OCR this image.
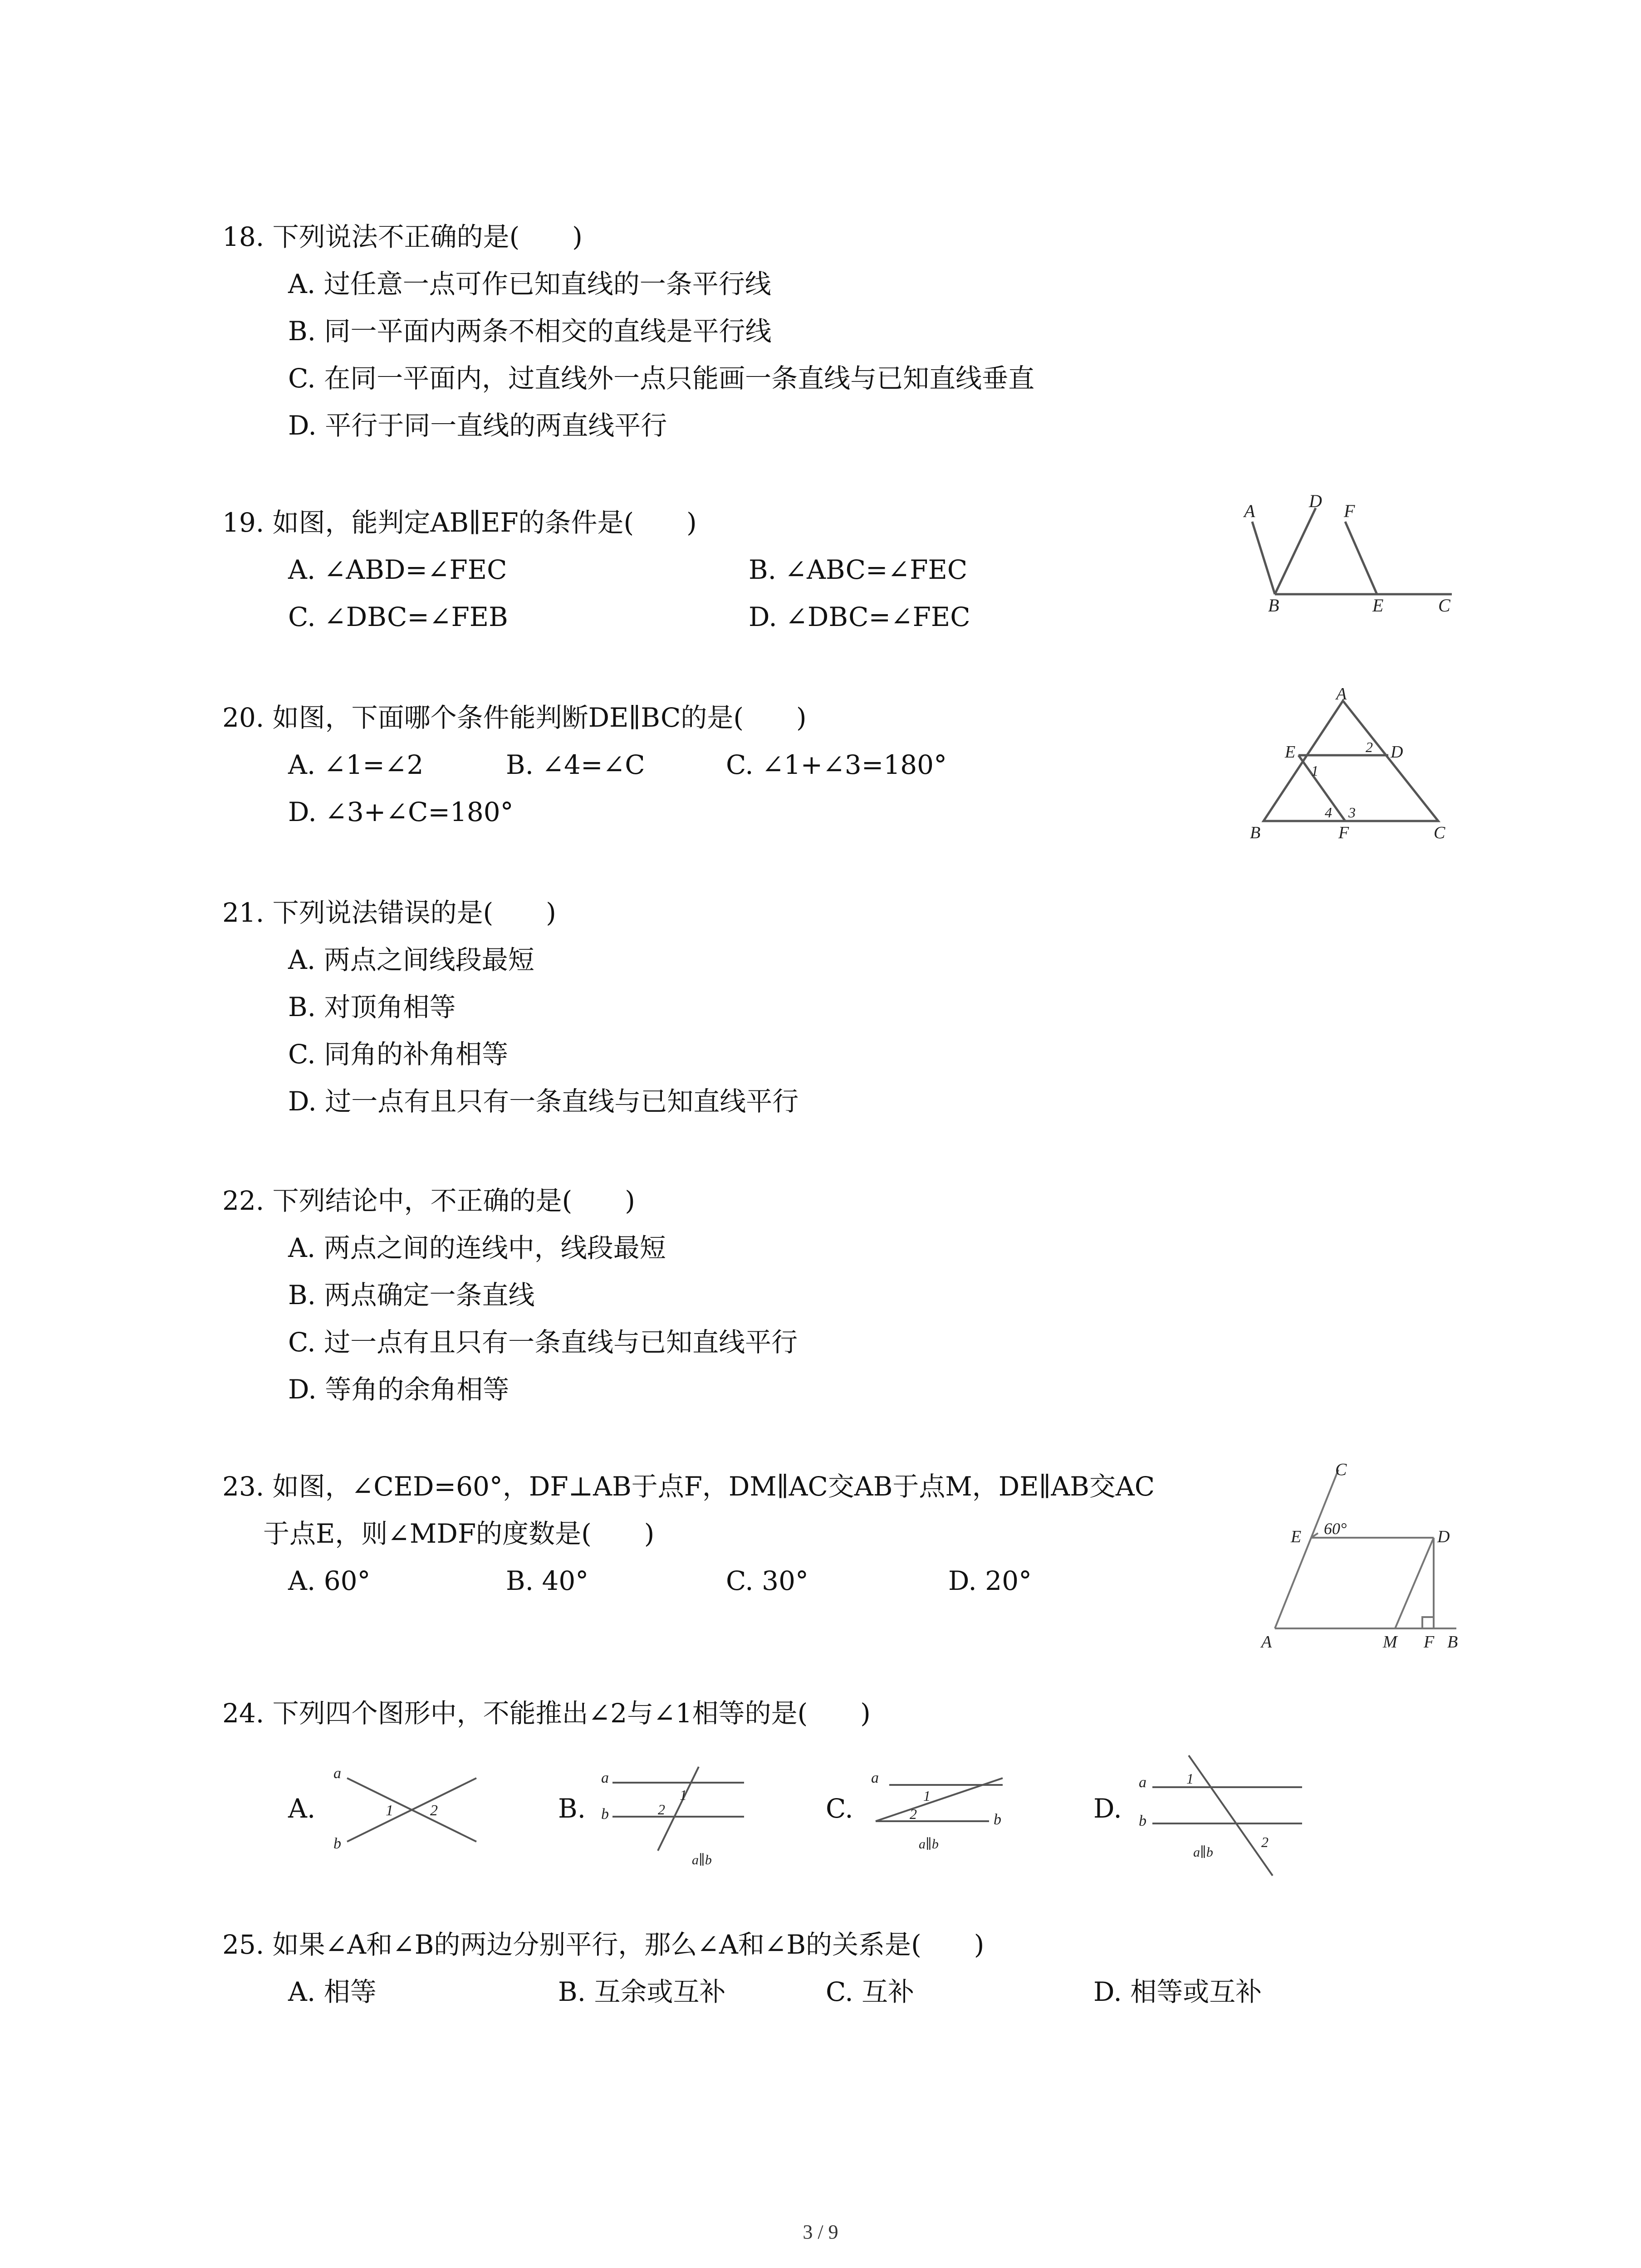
18. 下列说法不正确的是(　　)
A. 过任意一点可作已知直线的一条平行线
B. 同一平面内两条不相交的直线是平行线
C. 在同一平面内，过直线外一点只能画一条直线与已知直线垂直
D. 平行于同一直线的两直线平行
19. 如图，能判定AB∥EF的条件是(　　)
A. ∠ABD=∠FEC	B. ∠ABC=∠FEC
C. ∠DBC=∠FEB	D. ∠DBC=∠FEC
A	D F
B	E	C
20. 如图，下面哪个条件能判断DE∥BC的是(　　)
A. ∠1=∠2	B. ∠4=∠C	C. ∠1+∠3=180°
D. ∠3+∠C=180°
A
E	D
B	F	C
1
2
3
4
21. 下列说法错误的是(　　)
A. 两点之间线段最短
B. 对顶角相等
C. 同角的补角相等
D. 过一点有且只有一条直线与已知直线平行
22. 下列结论中，不正确的是(　　)
A. 两点之间的连线中，线段最短
B. 两点确定一条直线
C. 过一点有且只有一条直线与已知直线平行
D. 等角的余角相等
23. 如图，∠CED=60°，DF⊥AB于点F，DM∥AC交AB于点M，DE∥AB交AC
于点E，则∠MDF的度数是(　　)
A. 60°	B. 40°	C. 30°	D. 20°
C
E 60°	D
A	M F B
24. 下列四个图形中，不能推出∠2与∠1相等的是(　　)
A.	B.	C.	D.
a
b
1 2
a
b
1
2
a∥b
a
b
1
2
a∥b
a
b
1
2
a∥b
25. 如果∠A和∠B的两边分别平行，那么∠A和∠B的关系是(　　)
A. 相等	B. 互余或互补	C. 互补	D. 相等或互补
3 / 9
